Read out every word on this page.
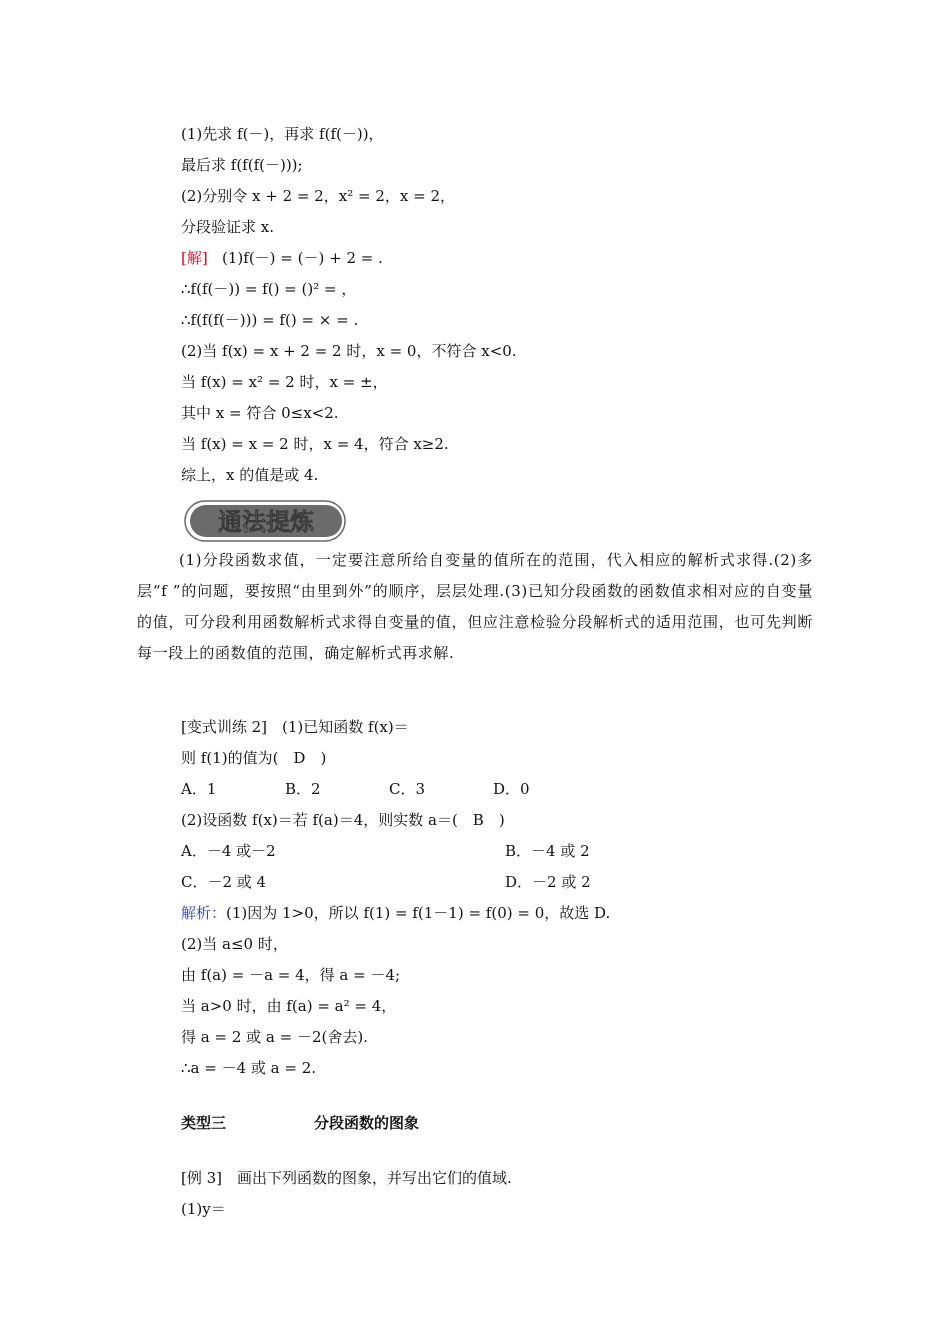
(1)先求 f(－)，再求 f(f(－))，
最后求 f(f(f(－)));
(2)分别令 x + 2 = 2，x² = 2，x = 2，
分段验证求 x.
[解] (1)f(－) = (－) + 2 = .
∴f(f(－)) = f() = ()² = ，
∴f(f(f(－))) = f() = × = .
(2)当 f(x) = x + 2 = 2 时，x = 0，不符合 x<0.
当 f(x) = x² = 2 时，x = ±，
其中 x = 符合 0≤x<2.
当 f(x) = x = 2 时，x = 4，符合 x≥2.
综上，x 的值是或 4.
通法提炼

(1)分段函数求值，一定要注意所给自变量的值所在的范围，代入相应的解析式求得.(2)多层“f ”的问题，要按照“由里到外”的顺序，层层处理.(3)已知分段函数的函数值求相对应的自变量的值，可分段利用函数解析式求得自变量的值，但应注意检验分段解析式的适用范围，也可先判断每一段上的函数值的范围，确定解析式再求解.

[变式训练 2]　(1)已知函数 f(x)＝
则 f(1)的值为(　D　)
A．1	B．2	C．3	D．0
(2)设函数 f(x)＝若 f(a)＝4，则实数 a＝(　B　)
A．－4 或－2	B．－4 或 2
C．－2 或 4	D．－2 或 2
解析：(1)因为 1>0，所以 f(1) = f(1－1) = f(0) = 0，故选 D.
(2)当 a≤0 时，
由 f(a) = －a = 4，得 a = －4;
当 a>0 时，由 f(a) = a² = 4，
得 a = 2 或 a = －2(舍去).
∴a = －4 或 a = 2.
类型三	分段函数的图象
[例 3]　画出下列函数的图象，并写出它们的值域.
(1)y＝
